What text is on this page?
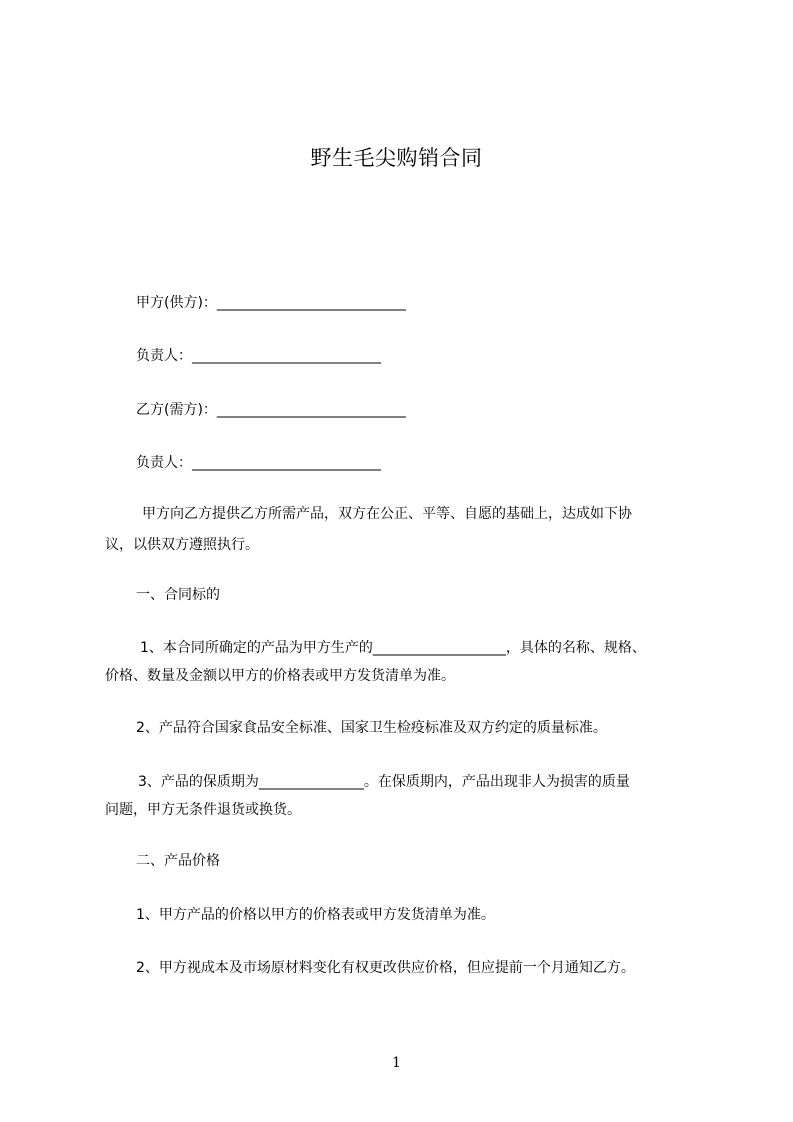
野生毛尖购销合同
甲方(供方)：___________________________
负责人：___________________________
乙方(需方)：___________________________
负责人：___________________________
甲方向乙方提供乙方所需产品，双方在公正、平等、自愿的基础上，达成如下协
议，以供双方遵照执行。
一、合同标的
1、本合同所确定的产品为甲方生产的___________________，具体的名称、规格、
价格、数量及金额以甲方的价格表或甲方发货清单为准。
2、产品符合国家食品安全标准、国家卫生检疫标准及双方约定的质量标准。
3、产品的保质期为_______________。在保质期内，产品出现非人为损害的质量
问题，甲方无条件退货或换货。
二、产品价格
1、甲方产品的价格以甲方的价格表或甲方发货清单为准。
2、甲方视成本及市场原材料变化有权更改供应价格，但应提前一个月通知乙方。
1
